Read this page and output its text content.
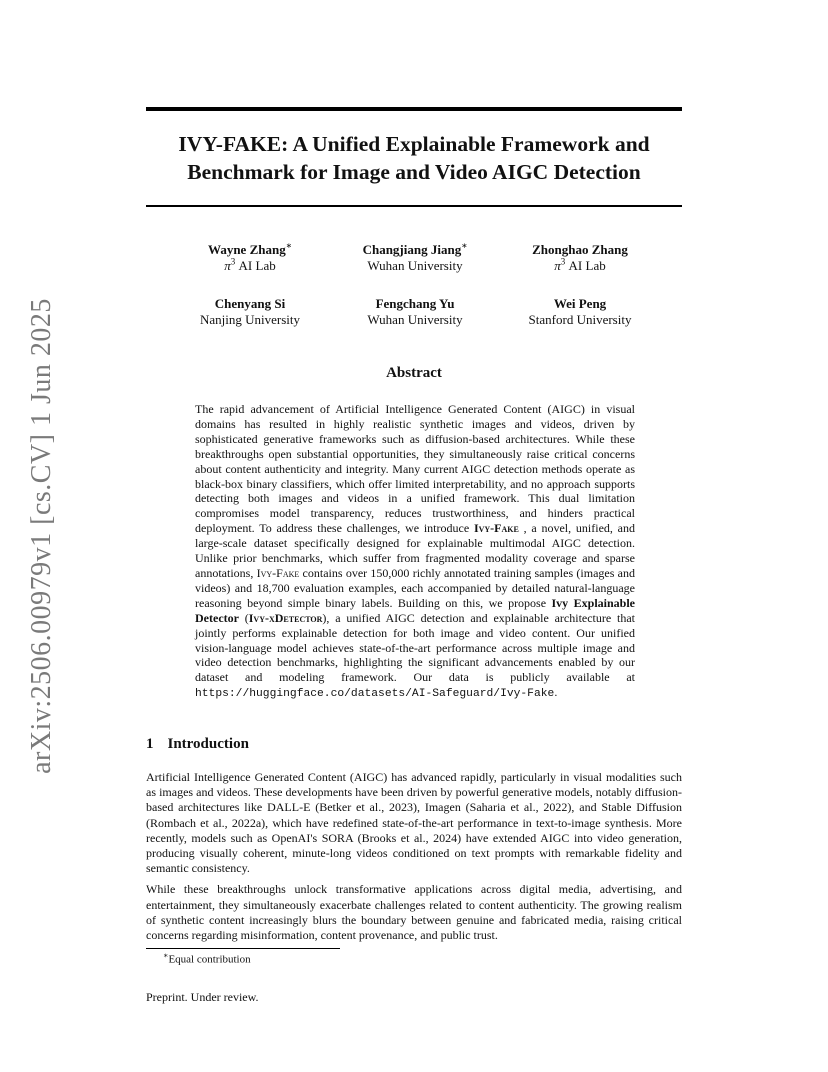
arXiv:2506.00979v1 [cs.CV] 1 Jun 2025
IVY-FAKE: A Unified Explainable Framework and
Benchmark for Image and Video AIGC Detection
Wayne Zhang∗
$\pi^3$ AI Lab
Changjiang Jiang∗
Wuhan University
Zhonghao Zhang
$\pi^3$ AI Lab
Chenyang Si
Nanjing University
Fengchang Yu
Wuhan University
Wei Peng
Stanford University
Abstract
The rapid advancement of Artificial Intelligence Generated Content (AIGC) in visual domains has resulted in highly realistic synthetic images and videos, driven by sophisticated generative frameworks such as diffusion-based architectures. While these breakthroughs open substantial opportunities, they simultaneously raise critical concerns about content authenticity and integrity. Many current AIGC detection methods operate as black-box binary classifiers, which offer limited interpretability, and no approach supports detecting both images and videos in a unified framework. This dual limitation compromises model transparency, reduces trustworthiness, and hinders practical deployment. To address these challenges, we introduce Ivy-Fake , a novel, unified, and large-scale dataset specifically designed for explainable multimodal AIGC detection. Unlike prior benchmarks, which suffer from fragmented modality coverage and sparse annotations, Ivy-Fake contains over 150,000 richly annotated training samples (images and videos) and 18,700 evaluation examples, each accompanied by detailed natural-language reasoning beyond simple binary labels. Building on this, we propose Ivy Explainable Detector (Ivy-xDetector), a unified AIGC detection and explainable architecture that jointly performs explainable detection for both image and video content. Our unified vision-language model achieves state-of-the-art performance across multiple image and video detection benchmarks, highlighting the significant advancements enabled by our dataset and modeling framework. Our data is publicly available at https://huggingface.co/datasets/AI-Safeguard/Ivy-Fake.
1 Introduction

Artificial Intelligence Generated Content (AIGC) has advanced rapidly, particularly in visual modalities such as images and videos. These developments have been driven by powerful generative models, notably diffusion-based architectures like DALL-E (Betker et al., 2023), Imagen (Saharia et al., 2022), and Stable Diffusion (Rombach et al., 2022a), which have redefined state-of-the-art performance in text-to-image synthesis. More recently, models such as OpenAI's SORA (Brooks et al., 2024) have extended AIGC into video generation, producing visually coherent, minute-long videos conditioned on text prompts with remarkable fidelity and semantic consistency.

While these breakthroughs unlock transformative applications across digital media, advertising, and entertainment, they simultaneously exacerbate challenges related to content authenticity. The growing realism of synthetic content increasingly blurs the boundary between genuine and fabricated media, raising critical concerns regarding misinformation, content provenance, and public trust.

∗Equal contribution
Preprint. Under review.
